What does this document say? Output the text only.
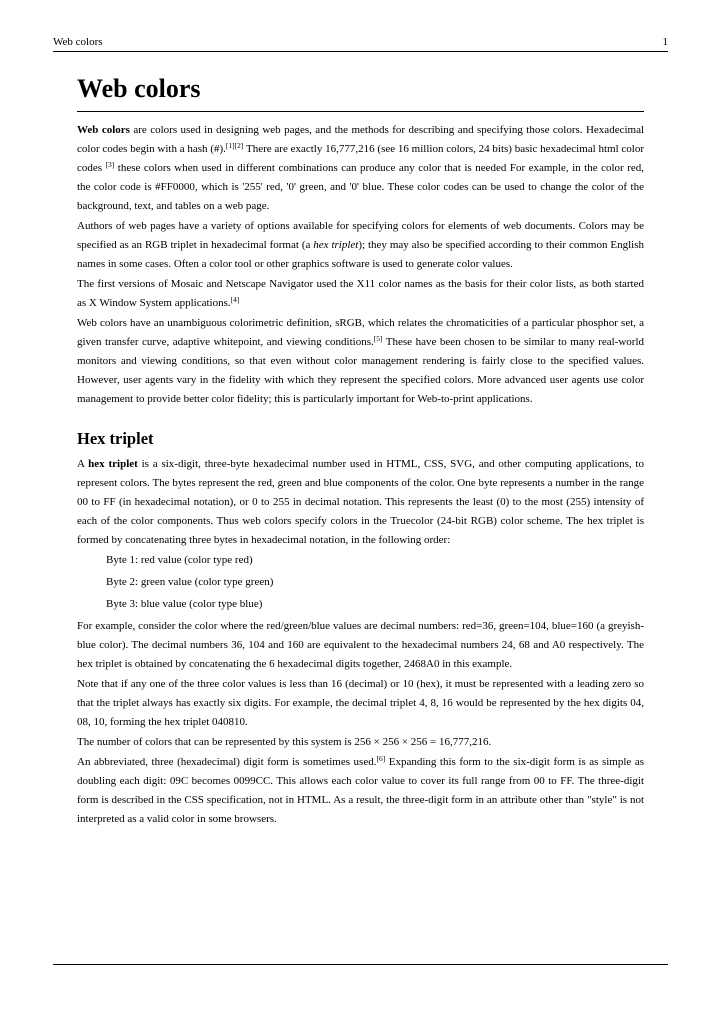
Web colors	1
Web colors

Web colors are colors used in designing web pages, and the methods for describing and specifying those colors. Hexadecimal color codes begin with a hash (#).[1][2] There are exactly 16,777,216 (see 16 million colors, 24 bits) basic hexadecimal html color codes [3] these colors when used in different combinations can produce any color that is needed For example, in the color red, the color code is #FF0000, which is '255' red, '0' green, and '0' blue. These color codes can be used to change the color of the background, text, and tables on a web page.

Authors of web pages have a variety of options available for specifying colors for elements of web documents. Colors may be specified as an RGB triplet in hexadecimal format (a hex triplet); they may also be specified according to their common English names in some cases. Often a color tool or other graphics software is used to generate color values.

The first versions of Mosaic and Netscape Navigator used the X11 color names as the basis for their color lists, as both started as X Window System applications.[4]

Web colors have an unambiguous colorimetric definition, sRGB, which relates the chromaticities of a particular phosphor set, a given transfer curve, adaptive whitepoint, and viewing conditions.[5] These have been chosen to be similar to many real-world monitors and viewing conditions, so that even without color management rendering is fairly close to the specified values. However, user agents vary in the fidelity with which they represent the specified colors. More advanced user agents use color management to provide better color fidelity; this is particularly important for Web-to-print applications.

Hex triplet

A hex triplet is a six-digit, three-byte hexadecimal number used in HTML, CSS, SVG, and other computing applications, to represent colors. The bytes represent the red, green and blue components of the color. One byte represents a number in the range 00 to FF (in hexadecimal notation), or 0 to 255 in decimal notation. This represents the least (0) to the most (255) intensity of each of the color components. Thus web colors specify colors in the Truecolor (24-bit RGB) color scheme. The hex triplet is formed by concatenating three bytes in hexadecimal notation, in the following order:

Byte 1: red value (color type red)
Byte 2: green value (color type green)
Byte 3: blue value (color type blue)

For example, consider the color where the red/green/blue values are decimal numbers: red=36, green=104, blue=160 (a greyish-blue color). The decimal numbers 36, 104 and 160 are equivalent to the hexadecimal numbers 24, 68 and A0 respectively. The hex triplet is obtained by concatenating the 6 hexadecimal digits together, 2468A0 in this example.

Note that if any one of the three color values is less than 16 (decimal) or 10 (hex), it must be represented with a leading zero so that the triplet always has exactly six digits. For example, the decimal triplet 4, 8, 16 would be represented by the hex digits 04, 08, 10, forming the hex triplet 040810.

The number of colors that can be represented by this system is 256 × 256 × 256 = 16,777,216.

An abbreviated, three (hexadecimal) digit form is sometimes used.[6] Expanding this form to the six-digit form is as simple as doubling each digit: 09C becomes 0099CC. This allows each color value to cover its full range from 00 to FF. The three-digit form is described in the CSS specification, not in HTML. As a result, the three-digit form in an attribute other than "style" is not interpreted as a valid color in some browsers.
